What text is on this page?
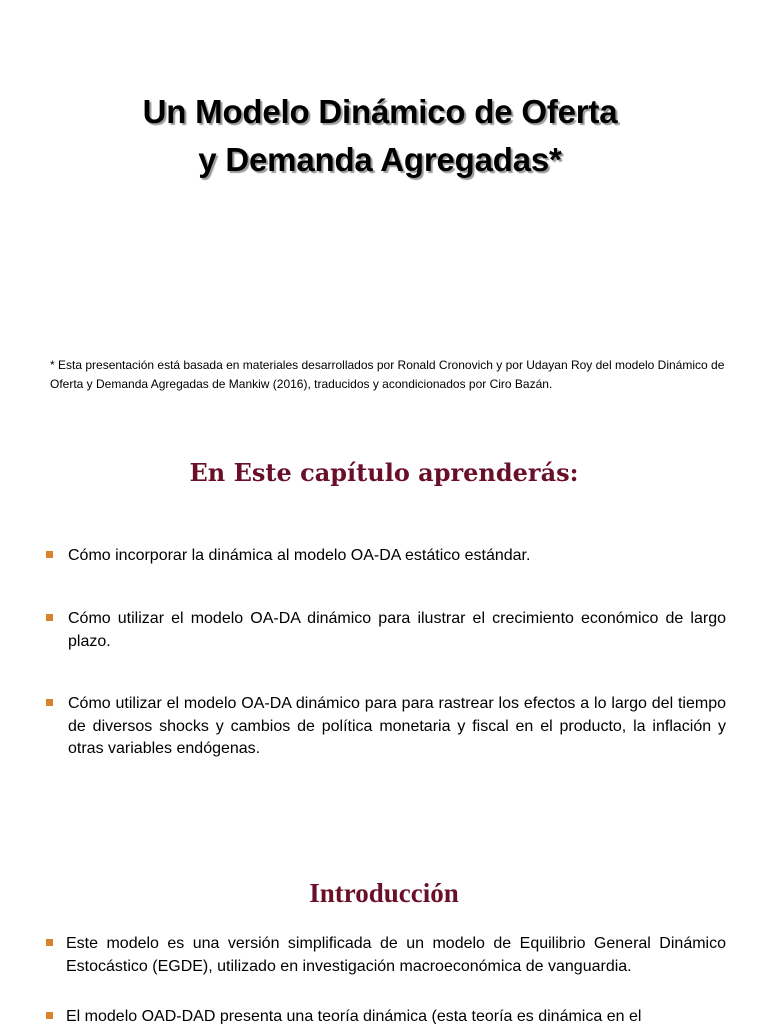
Un Modelo Dinámico de Oferta
y Demanda Agregadas*
* Esta presentación está basada en materiales desarrollados por Ronald Cronovich y por Udayan Roy del modelo Dinámico de Oferta y Demanda Agregadas de Mankiw (2016), traducidos y acondicionados por Ciro Bazán.
En Este capítulo aprenderás:
Cómo incorporar la dinámica al modelo OA-DA estático estándar.
Cómo utilizar el modelo OA-DA dinámico para ilustrar el crecimiento económico de largo plazo.
Cómo utilizar el modelo OA-DA dinámico para para rastrear los efectos a lo largo del tiempo de diversos shocks y cambios de política monetaria y fiscal en el producto, la inflación y otras variables endógenas.
Introducción
Este modelo es una versión simplificada de un modelo de Equilibrio General Dinámico Estocástico (EGDE), utilizado en investigación macroeconómica de vanguardia.
El modelo OAD-DAD presenta una teoría dinámica (esta teoría es dinámica en el
